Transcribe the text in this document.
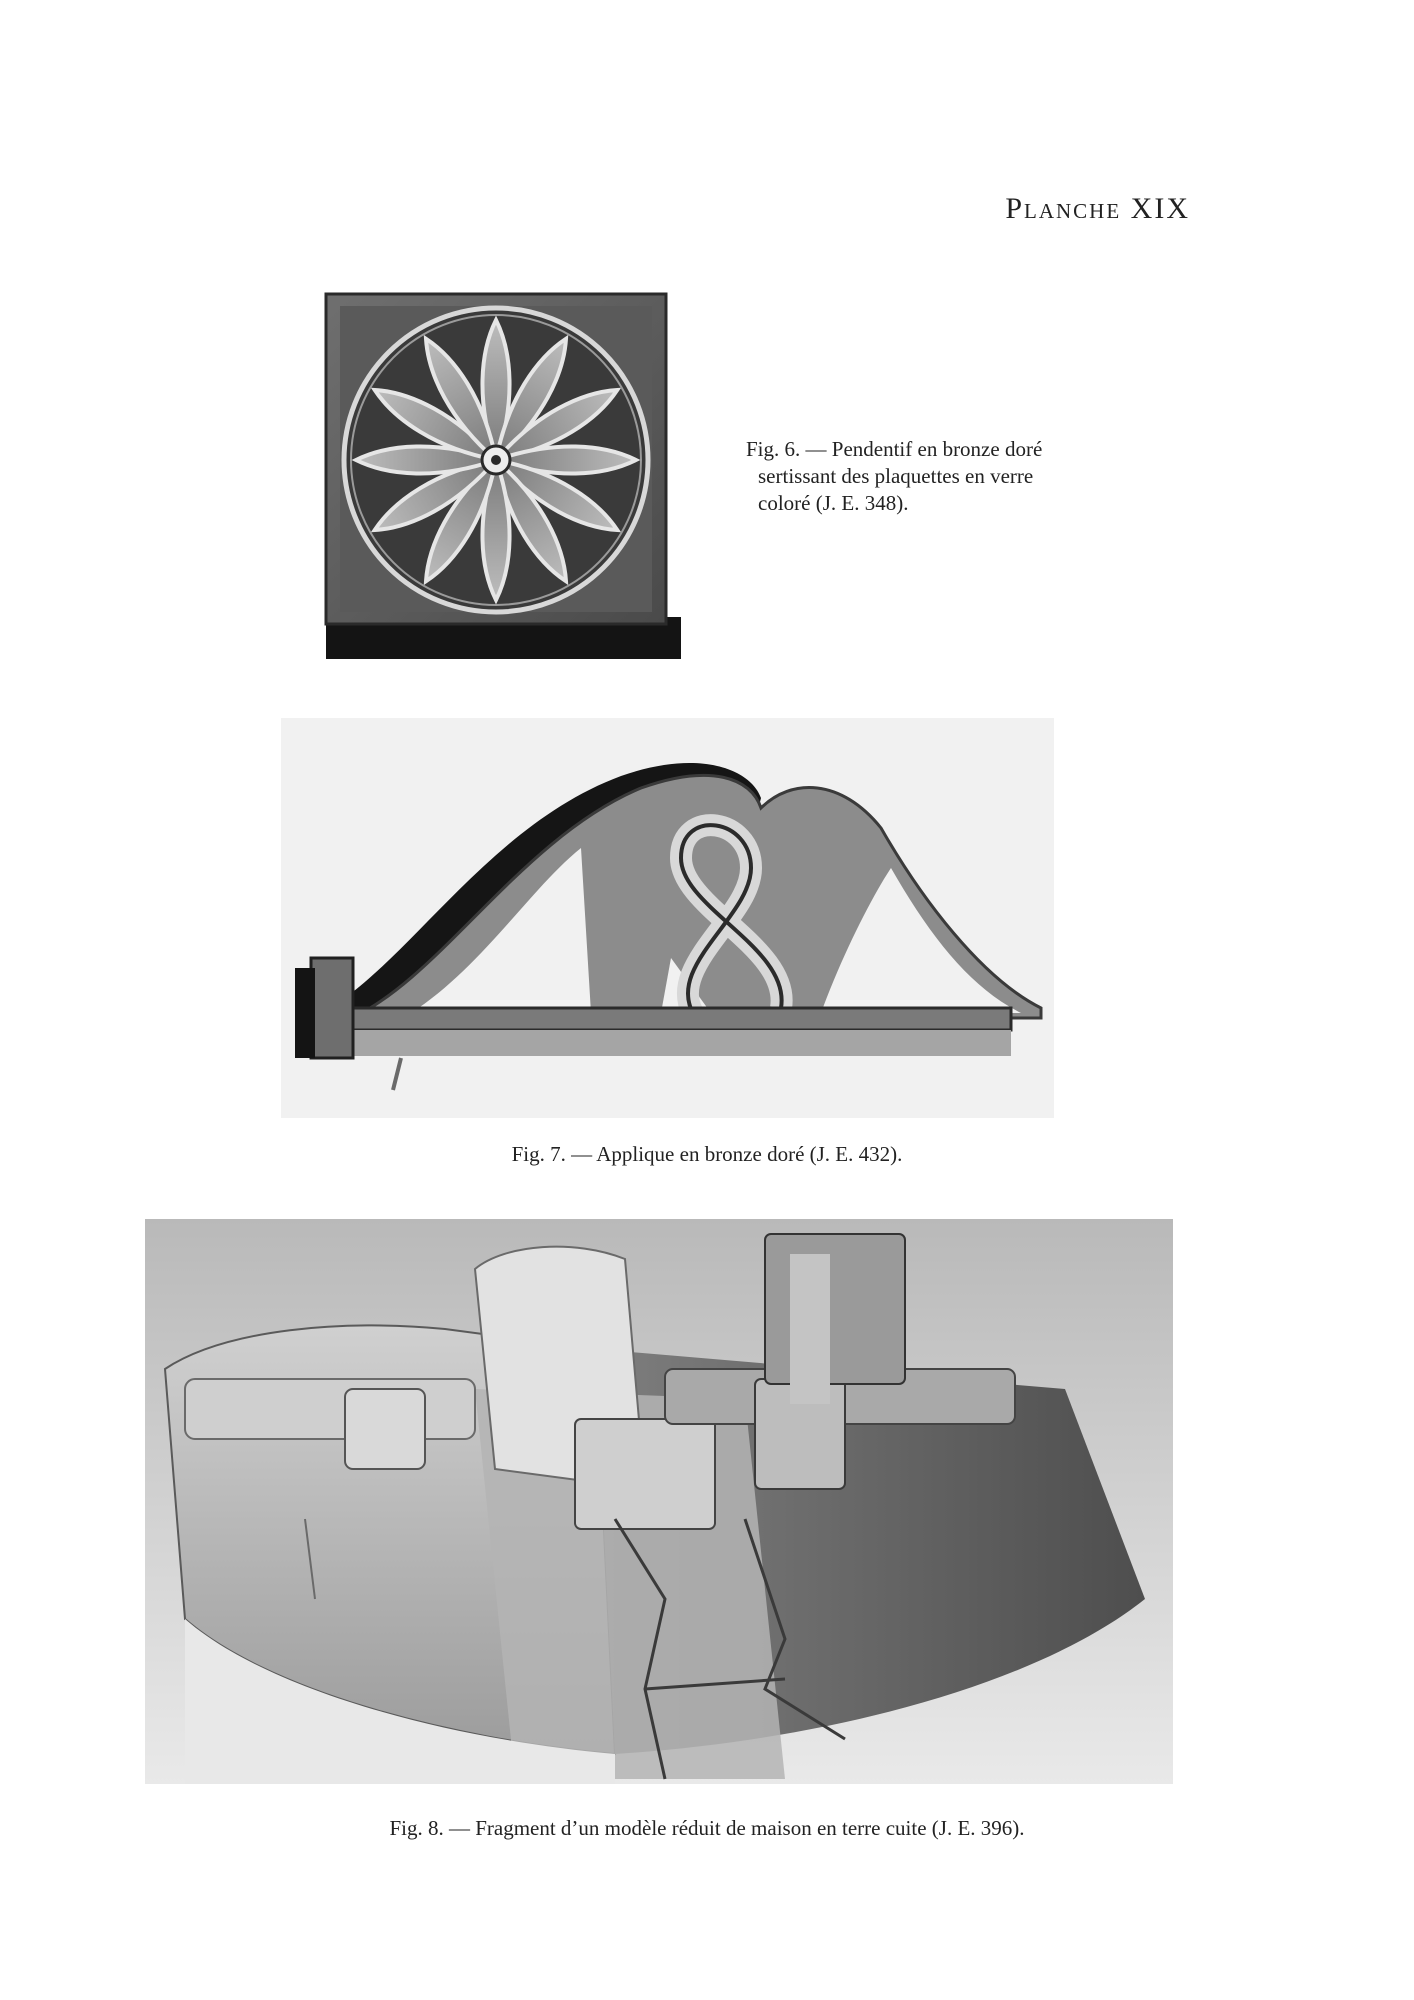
Planche XIX
Fig. 6. — Pendentif en bronze doré
sertissant des plaquettes en verre
coloré (J. E. 348).
Fig. 7. — Applique en bronze doré (J. E. 432).
Fig. 8. — Fragment d’un modèle réduit de maison en terre cuite (J. E. 396).
